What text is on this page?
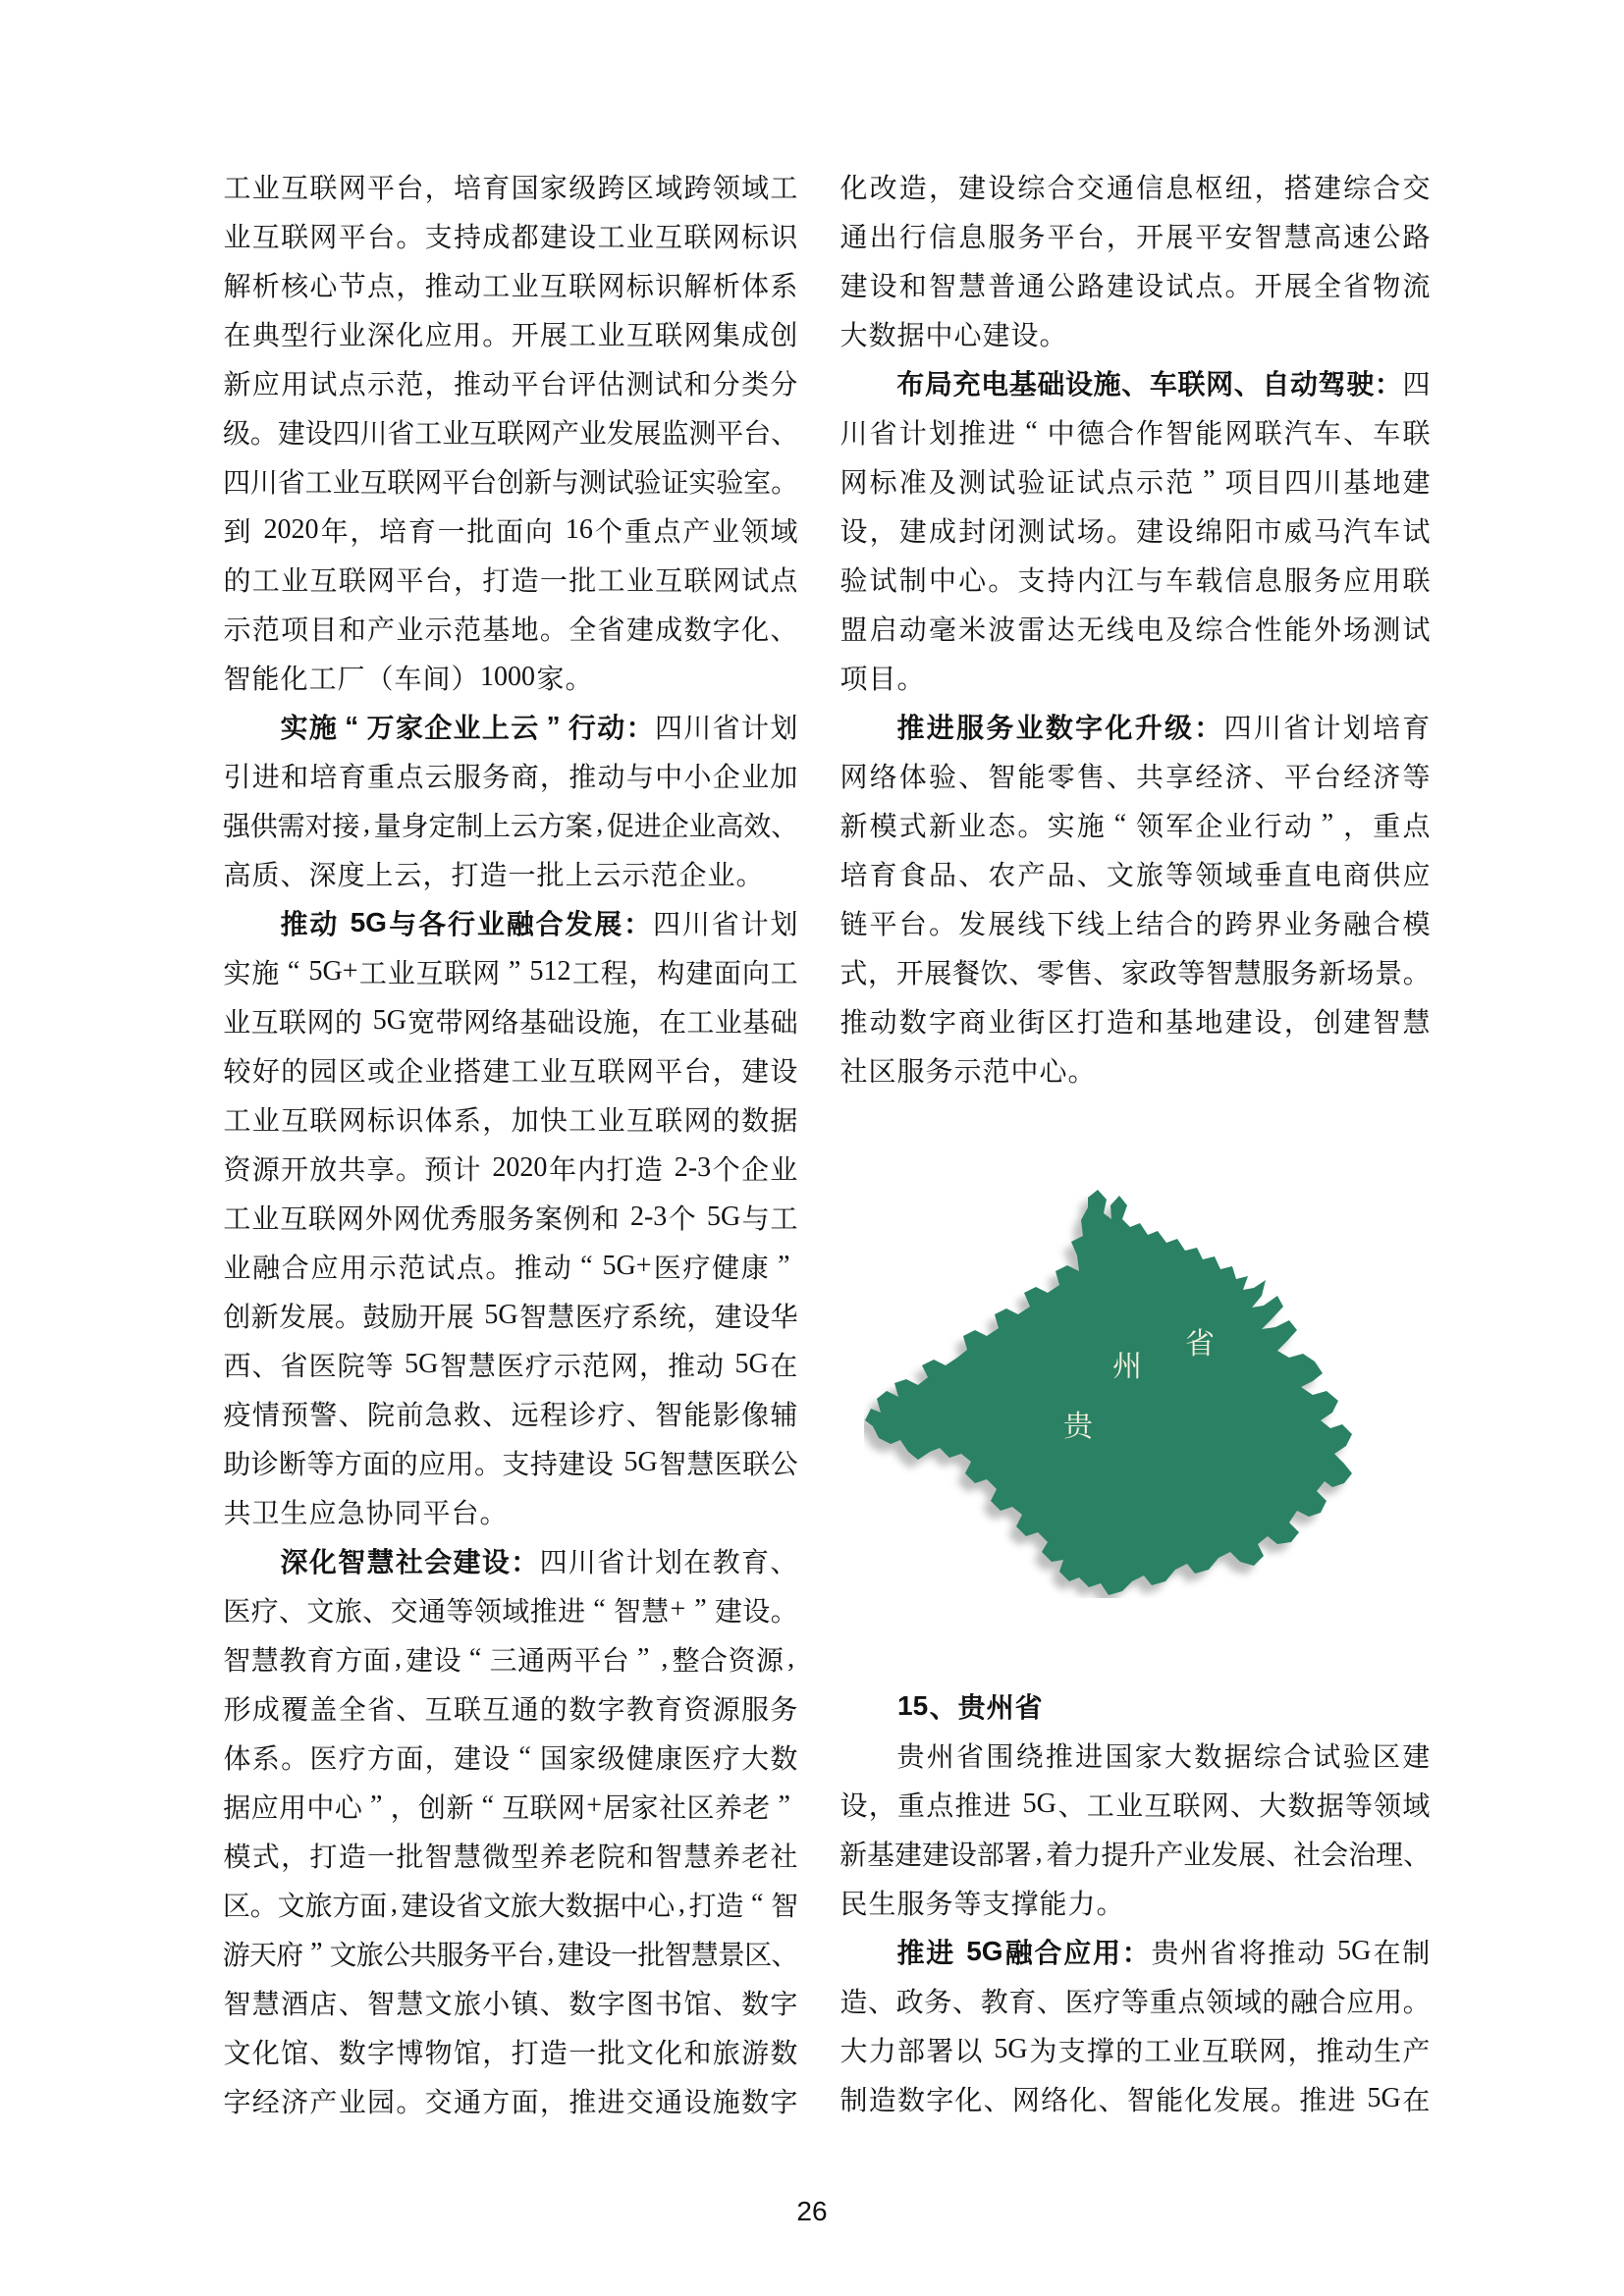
工 业 互 联 网 平 台 ， 培 育 国 家 级 跨 区 域 跨 领 域 工
业 互 联 网 平 台 。 支 持 成 都 建 设 工 业 互 联 网 标 识
解 析 核 心 节 点 ， 推 动 工 业 互 联 网 标 识 解 析 体 系
在 典 型 行 业 深 化 应 用 。 开 展 工 业 互 联 网 集 成 创
新 应 用 试 点 示 范 ， 推 动 平 台 评 估 测 试 和 分 类 分
级 。 建 设 四 川 省 工 业 互 联 网 产 业 发 展 监 测 平 台 、
四 川 省 工 业 互 联 网 平 台 创 新 与 测 试 验 证 实 验 室 。
到 2020 年 ， 培 育 一 批 面 向 16 个 重 点 产 业 领 域
的 工 业 互 联 网 平 台 ， 打 造 一 批 工 业 互 联 网 试 点
示 范 项 目 和 产 业 示 范 基 地 。 全 省 建 成 数 字 化 、
智 能 化 工 厂 （ 车 间 ） 1000 家 。
实 施 “ 万 家 企 业 上 云 ” 行 动 ： 四 川 省 计 划
引 进 和 培 育 重 点 云 服 务 商 ， 推 动 与 中 小 企 业 加
强 供 需 对 接 , 量 身 定 制 上 云 方 案 , 促 进 企 业 高 效 、
高 质 、 深 度 上 云 ， 打 造 一 批 上 云 示 范 企 业 。
推 动 5G 与 各 行 业 融 合 发 展 ： 四 川 省 计 划
实 施 “ 5G+ 工 业 互 联 网 ” 512 工 程 ， 构 建 面 向 工
业 互 联 网 的 5G 宽 带 网 络 基 础 设 施 ， 在 工 业 基 础
较 好 的 园 区 或 企 业 搭 建 工 业 互 联 网 平 台 ， 建 设
工 业 互 联 网 标 识 体 系 ， 加 快 工 业 互 联 网 的 数 据
资 源 开 放 共 享 。 预 计 2020 年 内 打 造 2-3 个 企 业
工 业 互 联 网 外 网 优 秀 服 务 案 例 和 2-3 个 5G 与 工
业 融 合 应 用 示 范 试 点 。 推 动 “ 5G+ 医 疗 健 康 ”
创 新 发 展 。 鼓 励 开 展 5G 智 慧 医 疗 系 统 ， 建 设 华
西 、 省 医 院 等 5G 智 慧 医 疗 示 范 网 ， 推 动 5G 在
疫 情 预 警 、 院 前 急 救 、 远 程 诊 疗 、 智 能 影 像 辅
助 诊 断 等 方 面 的 应 用 。 支 持 建 设 5G 智 慧 医 联 公
共 卫 生 应 急 协 同 平 台 。
深 化 智 慧 社 会 建 设 ： 四 川 省 计 划 在 教 育 、
医 疗 、 文 旅 、 交 通 等 领 域 推 进 “ 智 慧 + ” 建 设 。
智 慧 教 育 方 面 , 建 设 “ 三 通 两 平 台 ” , 整 合 资 源 ,
形 成 覆 盖 全 省 、 互 联 互 通 的 数 字 教 育 资 源 服 务
体 系 。 医 疗 方 面 ， 建 设 “ 国 家 级 健 康 医 疗 大 数
据 应 用 中 心 ” ， 创 新 “ 互 联 网 + 居 家 社 区 养 老 ”
模 式 ， 打 造 一 批 智 慧 微 型 养 老 院 和 智 慧 养 老 社
区 。 文 旅 方 面 , 建 设 省 文 旅 大 数 据 中 心 , 打 造 “ 智
游 天 府 ” 文 旅 公 共 服 务 平 台 , 建 设 一 批 智 慧 景 区 、
智 慧 酒 店 、 智 慧 文 旅 小 镇 、 数 字 图 书 馆 、 数 字
文 化 馆 、 数 字 博 物 馆 ， 打 造 一 批 文 化 和 旅 游 数
字 经 济 产 业 园 。 交 通 方 面 ， 推 进 交 通 设 施 数 字
化 改 造 ， 建 设 综 合 交 通 信 息 枢 纽 ， 搭 建 综 合 交
通 出 行 信 息 服 务 平 台 ， 开 展 平 安 智 慧 高 速 公 路
建 设 和 智 慧 普 通 公 路 建 设 试 点 。 开 展 全 省 物 流
大 数 据 中 心 建 设 。
布 局 充 电 基 础 设 施 、 车 联 网 、 自 动 驾 驶 ： 四
川 省 计 划 推 进 “ 中 德 合 作 智 能 网 联 汽 车 、 车 联
网 标 准 及 测 试 验 证 试 点 示 范 ” 项 目 四 川 基 地 建
设 ， 建 成 封 闭 测 试 场 。 建 设 绵 阳 市 威 马 汽 车 试
验 试 制 中 心 。 支 持 内 江 与 车 载 信 息 服 务 应 用 联
盟 启 动 毫 米 波 雷 达 无 线 电 及 综 合 性 能 外 场 测 试
项 目 。
推 进 服 务 业 数 字 化 升 级 ： 四 川 省 计 划 培 育
网 络 体 验 、 智 能 零 售 、 共 享 经 济 、 平 台 经 济 等
新 模 式 新 业 态 。 实 施 “ 领 军 企 业 行 动 ” ， 重 点
培 育 食 品 、 农 产 品 、 文 旅 等 领 域 垂 直 电 商 供 应
链 平 台 。 发 展 线 下 线 上 结 合 的 跨 界 业 务 融 合 模
式 ， 开 展 餐 饮 、 零 售 、 家 政 等 智 慧 服 务 新 场 景 。
推 动 数 字 商 业 街 区 打 造 和 基 地 建 设 ， 创 建 智 慧
社 区 服 务 示 范 中 心 。
贵
州
省
15 、 贵 州 省
贵 州 省 围 绕 推 进 国 家 大 数 据 综 合 试 验 区 建
设 ， 重 点 推 进 5G 、 工 业 互 联 网 、 大 数 据 等 领 域
新 基 建 建 设 部 署 , 着 力 提 升 产 业 发 展 、 社 会 治 理 、
民 生 服 务 等 支 撑 能 力 。
推 进 5G 融 合 应 用 ： 贵 州 省 将 推 动 5G 在 制
造 、 政 务 、 教 育 、 医 疗 等 重 点 领 域 的 融 合 应 用 。
大 力 部 署 以 5G 为 支 撑 的 工 业 互 联 网 ， 推 动 生 产
制 造 数 字 化 、 网 络 化 、 智 能 化 发 展 。 推 进 5G 在
26
